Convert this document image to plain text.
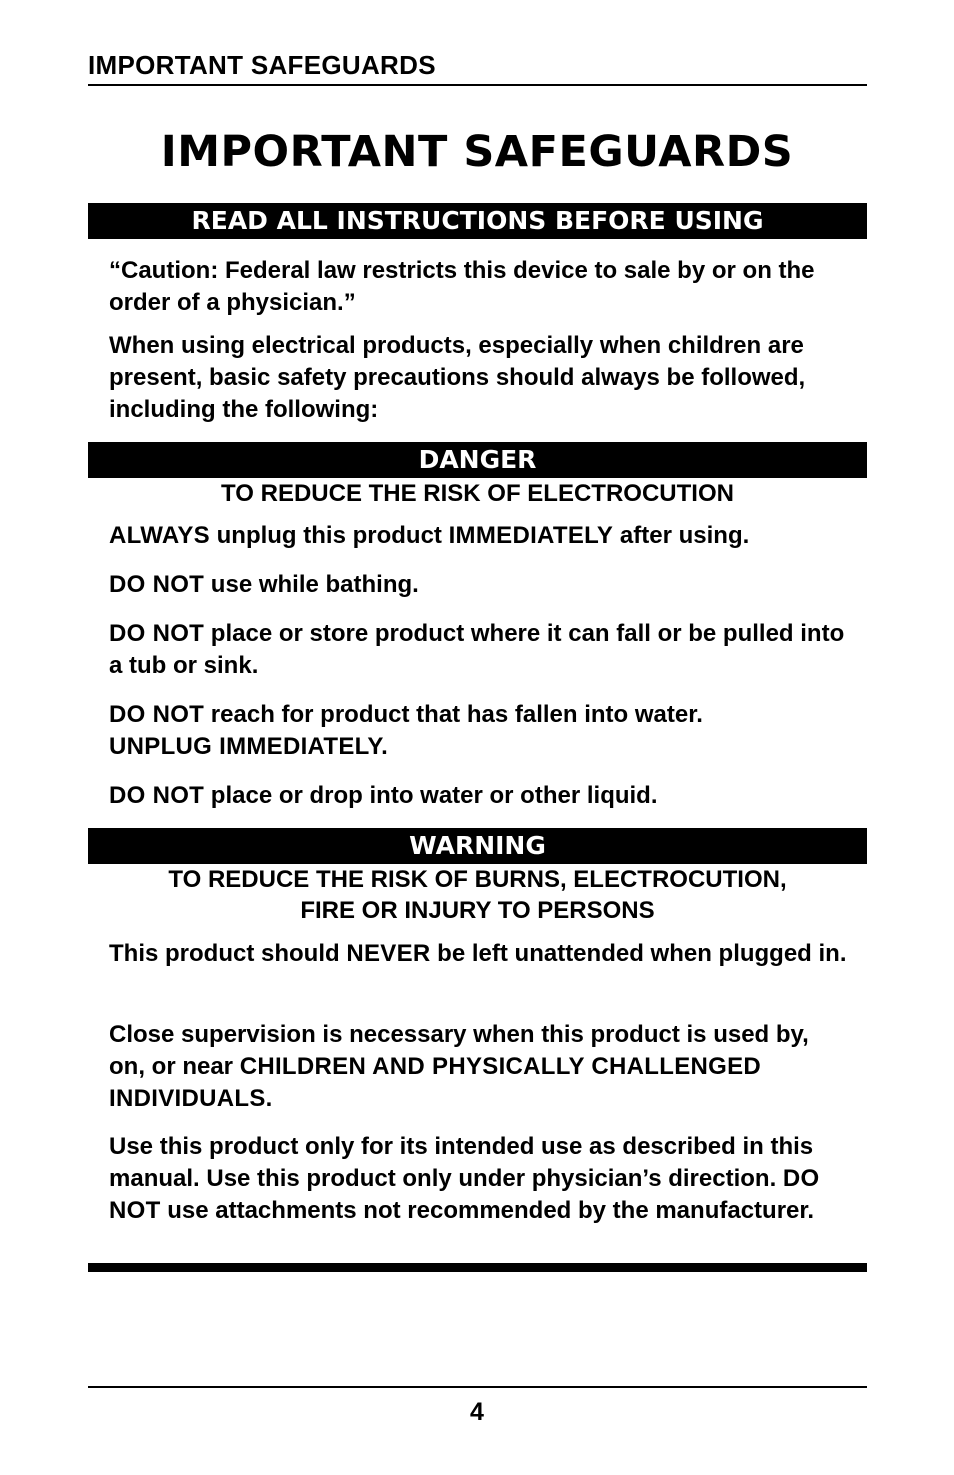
IMPORTANT SAFEGUARDS
IMPORTANT SAFEGUARDS
READ ALL INSTRUCTIONS BEFORE USING
“Caution: Federal law restricts this device to sale by or on the order of a physician.”
When using electrical products, especially when children are present, basic safety precautions should always be followed, including the following:
DANGER
TO REDUCE THE RISK OF ELECTROCUTION
ALWAYS unplug this product IMMEDIATELY after using.
DO NOT use while bathing.
DO NOT place or store product where it can fall or be pulled into a tub or sink.
DO NOT reach for product that has fallen into water.
UNPLUG IMMEDIATELY.
DO NOT place or drop into water or other liquid.
WARNING
TO REDUCE THE RISK OF BURNS, ELECTROCUTION,
FIRE OR INJURY TO PERSONS
This product should NEVER be left unattended when plugged in.
Close supervision is necessary when this product is used by, on, or near CHILDREN AND PHYSICALLY CHALLENGED INDIVIDUALS.
Use this product only for its intended use as described in this manual. Use this product only under physician’s direction. DO NOT use attachments not recommended by the manufacturer.
4
